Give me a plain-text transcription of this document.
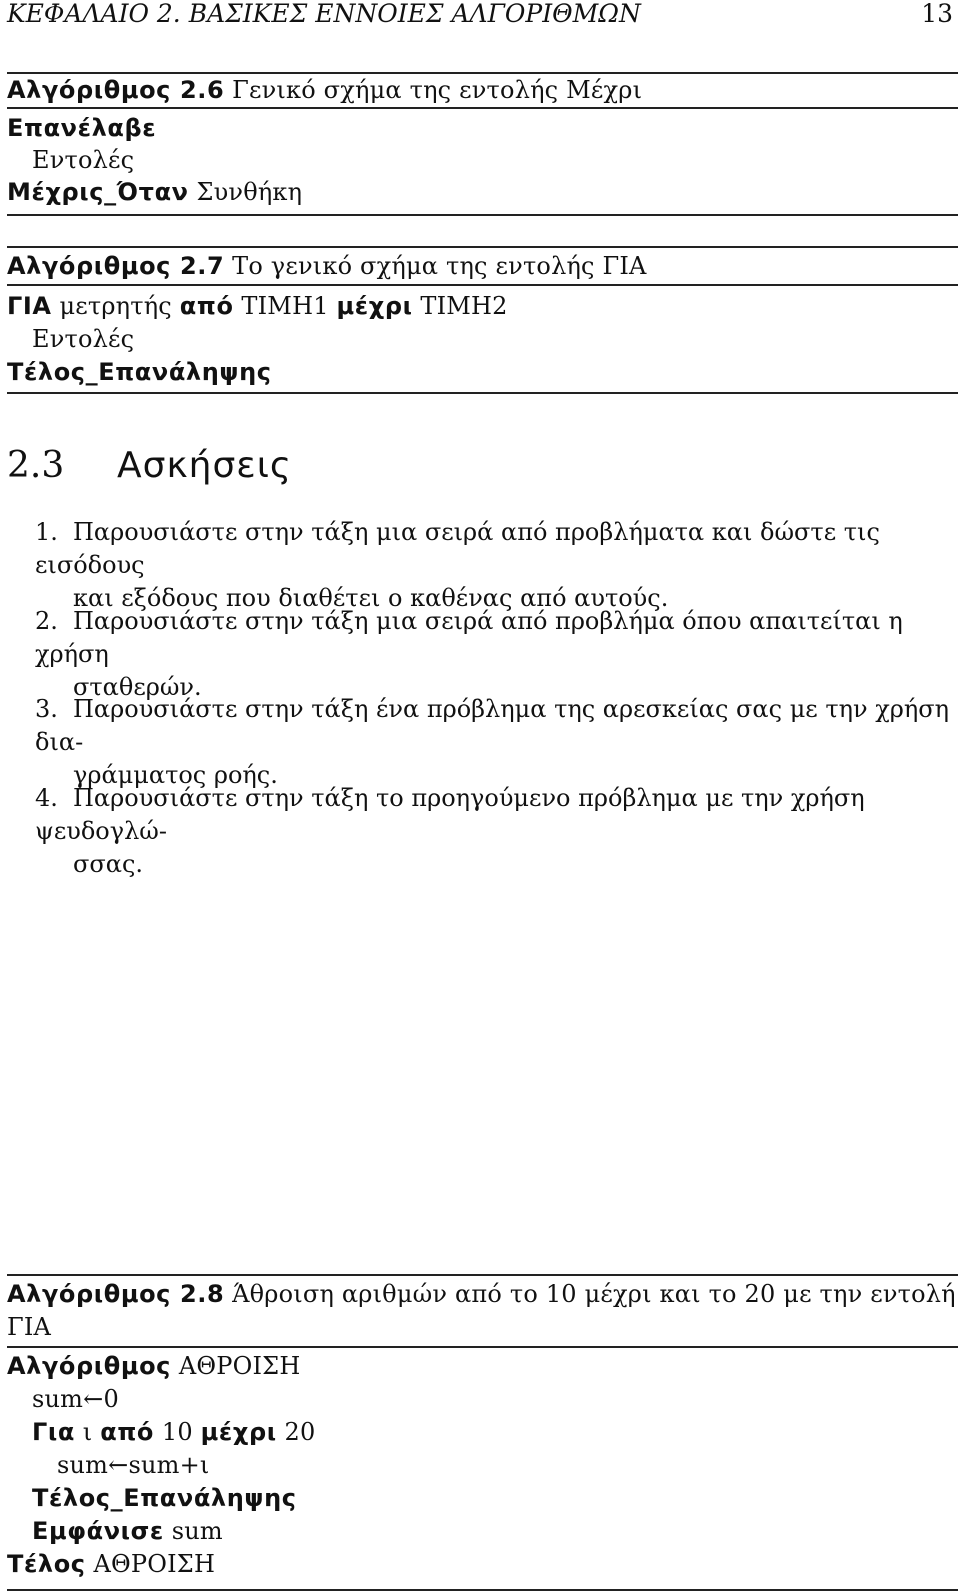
ΚΕΦΑΛΑΙΟ 2. ΒΑΣΙΚΕΣ ΕΝΝΟΙΕΣ ΑΛΓΟΡΙΘΜΩΝ	13
Αλγόριθμος 2.6 Γενικό σχήμα της εντολής Μέχρι
Επανέλαβε
Εντολές
Μέχρις_Όταν Συνθήκη
Αλγόριθμος 2.7 Το γενικό σχήμα της εντολής ΓΙΑ
ΓΙΑ μετρητής από ΤΙΜΗ1 μέχρι ΤΙΜΗ2
Εντολές
Τέλος_Επανάληψης
2.3 Ασκήσεις
1. Παρουσιάστε στην τάξη μια σειρά από προβλήματα και δώστε τις εισόδους
και εξόδους που διαθέτει ο καθένας από αυτούς.
2. Παρουσιάστε στην τάξη μια σειρά από προβλήμα όπου απαιτείται η χρήση
σταθερών.
3. Παρουσιάστε στην τάξη ένα πρόβλημα της αρεσκείας σας με την χρήση δια-
γράμματος ροής.
4. Παρουσιάστε στην τάξη το προηγούμενο πρόβλημα με την χρήση ψευδογλώ-
σσας.
Αλγόριθμος 2.8 Άθροιση αριθμών από το 10 μέχρι και το 20 με την εντολή
ΓΙΑ
Αλγόριθμος ΑΘΡΟΙΣΗ
sum←0
Για ι από 10 μέχρι 20
sum←sum+ι
Τέλος_Επανάληψης
Εμφάνισε sum
Τέλος ΑΘΡΟΙΣΗ
